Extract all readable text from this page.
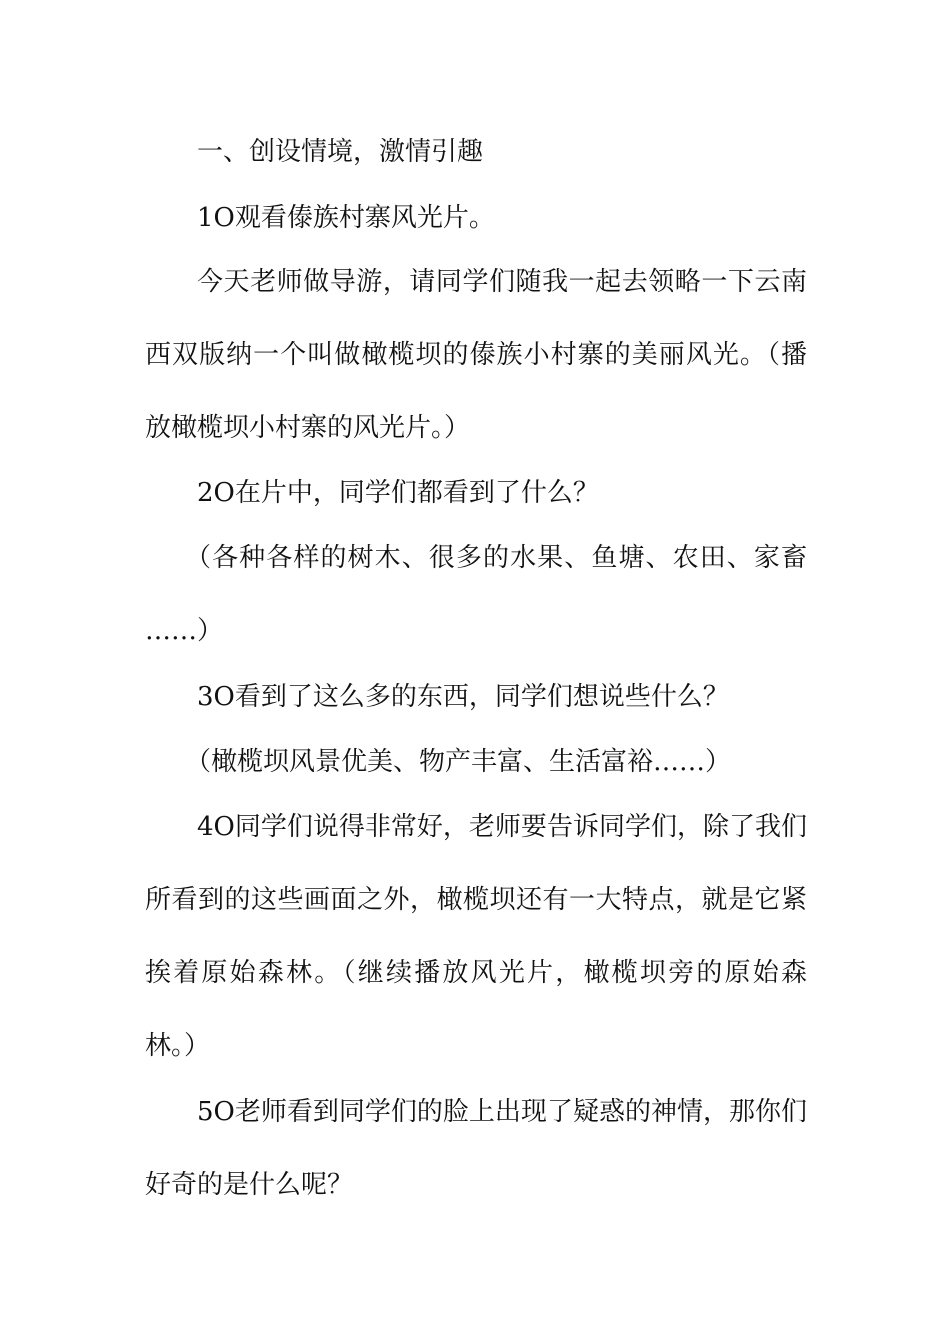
一、创设情境，激情引趣
1O观看傣族村寨风光片。
今天老师做导游，请同学们随我一起去领略一下云南
西双版纳一个叫做橄榄坝的傣族小村寨的美丽风光。（播
放橄榄坝小村寨的风光片。）
2O在片中，同学们都看到了什么？
（各种各样的树木、很多的水果、鱼塘、农田、家畜
……）
3O看到了这么多的东西，同学们想说些什么？
（橄榄坝风景优美、物产丰富、生活富裕……）
4O同学们说得非常好，老师要告诉同学们，除了我们
所看到的这些画面之外，橄榄坝还有一大特点，就是它紧
挨着原始森林。（继续播放风光片，橄榄坝旁的原始森
林。）
5O老师看到同学们的脸上出现了疑惑的神情，那你们
好奇的是什么呢？
